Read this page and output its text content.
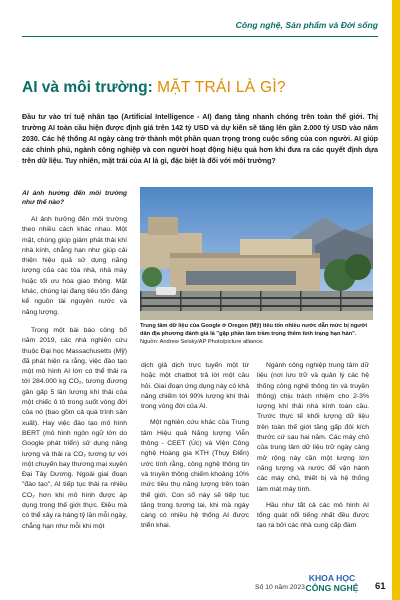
Công nghệ, Sản phẩm và Đời sống
AI và môi trường: MẶT TRÁI LÀ GÌ?
Đầu tư vào trí tuệ nhân tạo (Artificial Intelligence - AI) đang tăng nhanh chóng trên toàn thế giới. Thị trường AI toàn cầu hiện được định giá trên 142 tỷ USD và dự kiến sẽ tăng lên gần 2.000 tỷ USD vào năm 2030. Các hệ thống AI ngày càng trở thành một phần quan trọng trong cuộc sống của con người. AI giúp các chính phủ, ngành công nghiệp và con người hoạt động hiệu quả hơn khi đưa ra các quyết định dựa trên dữ liệu. Tuy nhiên, mặt trái của AI là gì, đặc biệt là đối với môi trường?
AI ảnh hưởng đến môi trường như thế nào?

AI ảnh hưởng đến môi trường theo nhiều cách khác nhau. Một mặt, chúng giúp giảm phát thải khí nhà kính, chẳng hạn như giúp cải thiện hiệu quả sử dụng năng lượng của các tòa nhà, nhà máy hoặc tối ưu hóa giao thông. Mặt khác, chúng lại đang tiêu tốn đáng kể nguồn tài nguyên nước và năng lượng.

Trong một bài báo công bố năm 2019, các nhà nghiên cứu thuộc Đại học Massachusetts (Mỹ) đã phát hiện ra rằng, việc đào tạo một mô hình AI lớn có thể thải ra tới 284.000 kg CO₂, tương đương gần gấp 5 lần lượng khí thải của một chiếc ô tô trong suốt vòng đời của nó (bao gồm cả quá trình sản xuất). Hay việc đào tạo mô hình BERT (mô hình ngôn ngữ lớn do Google phát triển) sử dụng năng lượng và thải ra CO₂ tương tự với một chuyến bay thương mại xuyên Đại Tây Dương. Ngoài giai đoạn "đào tạo", AI tiếp tục thải ra nhiều CO₂ hơn khi mô hình được áp dụng trong thế giới thực. Điều mà có thể xảy ra hàng tỷ lần mỗi ngày, chẳng hạn như mỗi khi một

Trung tâm dữ liệu của Google ở Oregon (Mỹ) tiêu tốn nhiều nước dẫn mức bị người dân địa phương đánh giá là "gặp phần làm trầm trọng thêm tình trạng hạn hán". Nguồn: Andrew Selsky/AP Photo/picture alliance.

dịch giả dịch trực tuyến một từ hoặc một chatbot trả lời một câu hỏi. Giai đoạn ứng dụng này có khả năng chiếm tới 90% lượng khí thải trong vòng đời của AI.

Một nghiên cứu khác của Trung tâm Hiệu quả Năng lượng Viễn thông - CEET (Úc) và Viện Công nghệ Hoàng gia KTH (Thụy Điển) ước tính rằng, công nghệ thông tin và truyền thông chiếm khoảng 10% mức tiêu thụ năng lượng trên toàn thế giới. Con số này sẽ tiếp tục tăng trong tương lai, khi mà ngày càng có nhiều hệ thống AI được triển khai.

Ngành công nghiệp trung tâm dữ liệu (nơi lưu trữ và quản lý các hệ thống công nghệ thông tin và truyền thông) chịu trách nhiệm cho 2-3% lượng khí thải nhà kính toàn cầu. Trước thực tế khối lượng dữ liệu trên toàn thế giới tăng gấp đôi kích thước cứ sau hai năm. Các máy chủ của trung tâm dữ liệu trữ ngày càng mở rộng này cần một lượng lớn năng lượng và nước để vận hành các máy chủ, thiết bị và hệ thống làm mát máy tính.

Hầu như tất cả các mô hình AI tổng quát nổi tiếng nhất đều được tạo ra bởi các nhà cung cấp đám

Số 10 năm 2023
KHOA HỌC
CÔNG NGHỆ	61
